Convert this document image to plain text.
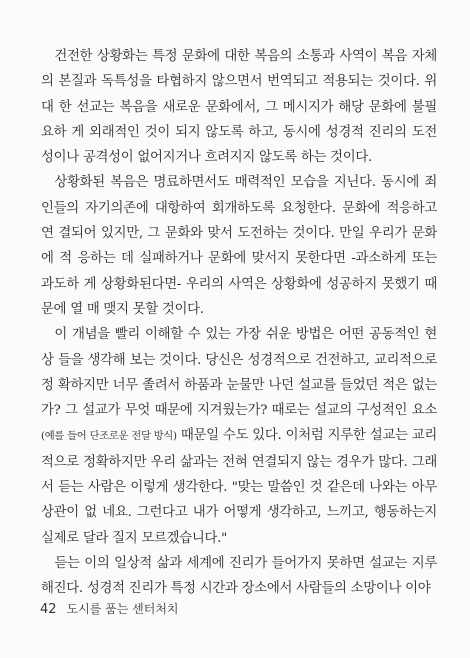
건전한 상황화는 특정 문화에 대한 복음의 소통과 사역이 복음 자체 의 본질과 독특성을 타협하지 않으면서 번역되고 적용되는 것이다. 위대 한 선교는 복음을 새로운 문화에서, 그 메시지가 해당 문화에 불필요하 게 외래적인 것이 되지 않도록 하고, 동시에 성경적 진리의 도전성이나 공격성이 없어지거나 흐려지지 않도록 하는 것이다.

상황화된 복음은 명료하면서도 매력적인 모습을 지닌다. 동시에 죄 인들의 자기의존에 대항하여 회개하도록 요청한다. 문화에 적응하고 연 결되어 있지만, 그 문화와 맞서 도전하는 것이다. 만일 우리가 문화에 적 응하는 데 실패하거나 문화에 맞서지 못한다면 -과소하게 또는 과도하 게 상황화된다면- 우리의 사역은 상황화에 성공하지 못했기 때문에 열 매 맺지 못할 것이다.

이 개념을 빨리 이해할 수 있는 가장 쉬운 방법은 어떤 공동적인 현상 들을 생각해 보는 것이다. 당신은 성경적으로 건전하고, 교리적으로 정 확하지만 너무 졸려서 하품과 눈물만 나던 설교를 들었던 적은 없는가? 그 설교가 무엇 때문에 지겨웠는가? 때로는 설교의 구성적인 요소(예를 들어 단조로운 전달 방식) 때문일 수도 있다. 이처럼 지루한 설교는 교리적으로 정확하지만 우리 삶과는 전혀 연결되지 않는 경우가 많다. 그래서 듣는 사람은 이렇게 생각한다. "맞는 말씀인 것 같은데 나와는 아무 상관이 없 네요. 그런다고 내가 어떻게 생각하고, 느끼고, 행동하는지 실제로 달라 질지 모르겠습니다."

듣는 이의 일상적 삶과 세계에 진리가 들어가지 못하면 설교는 지루 해진다. 성경적 진리가 특정 시간과 장소에서 사람들의 소망이나 이야

42 도시를 품는 센터처치
